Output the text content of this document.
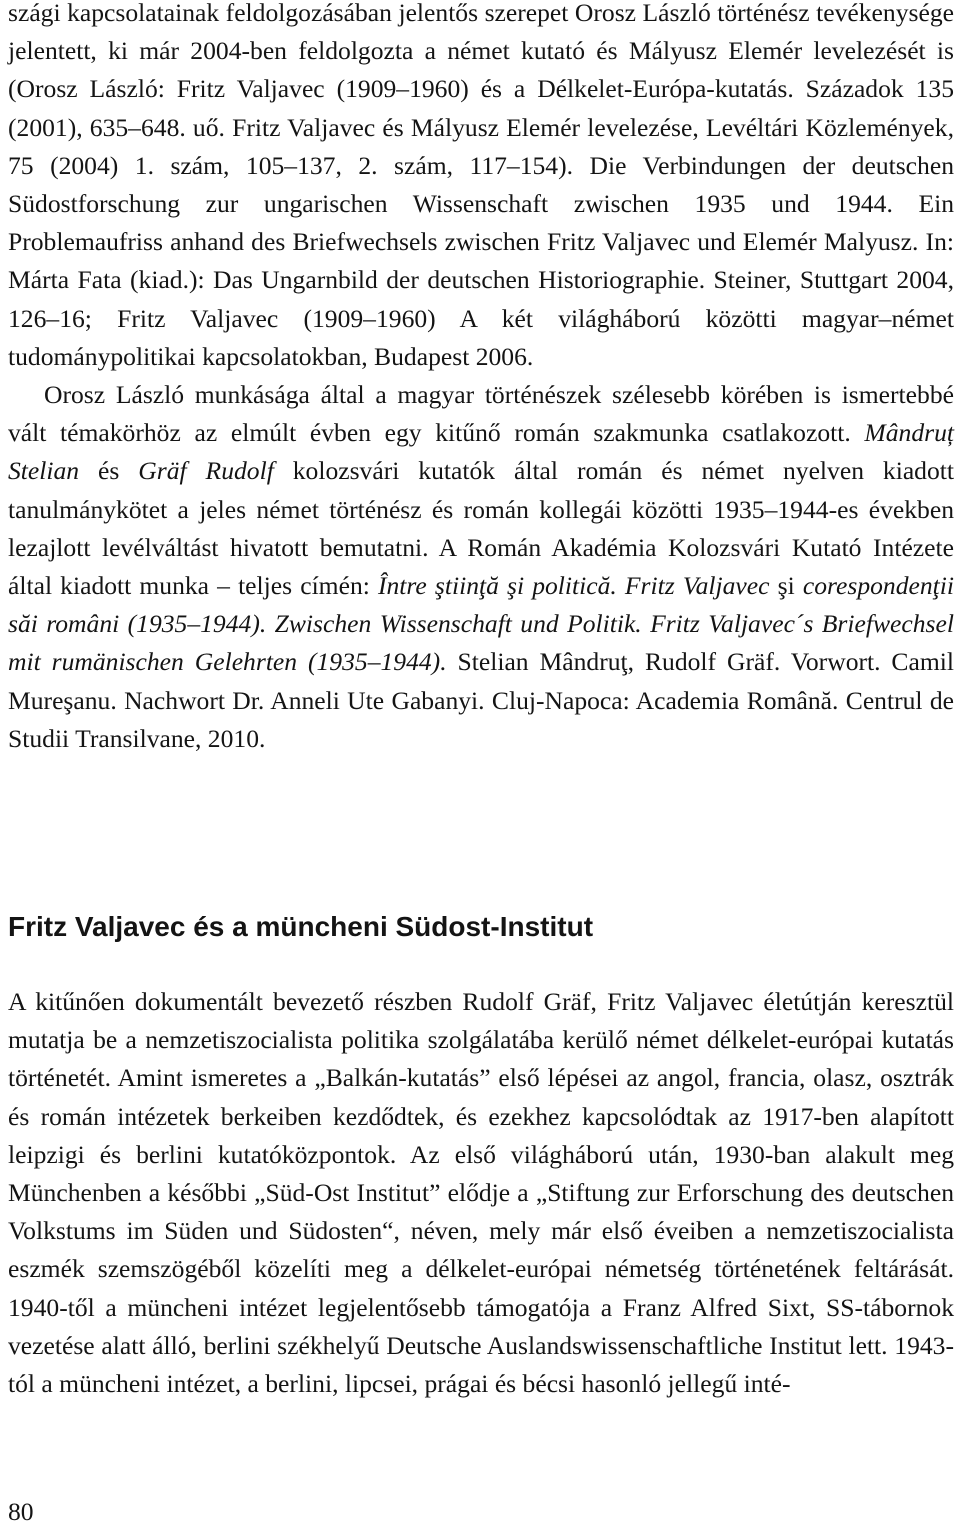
szági kapcsolatainak feldolgozásában jelentős szerepet Orosz László történész tevékenysége jelentett, ki már 2004-ben feldolgozta a német kutató és Mályusz Elemér levelezését is (Orosz László: Fritz Valjavec (1909–1960) és a Délkelet-Európa-kutatás. Századok 135 (2001), 635–648. uő. Fritz Valjavec és Mályusz Elemér levelezése, Levéltári Közlemények, 75 (2004) 1. szám, 105–137, 2. szám, 117–154). Die Verbindungen der deutschen Südostforschung zur ungarischen Wissenschaft zwischen 1935 und 1944. Ein Problemaufriss anhand des Briefwechsels zwischen Fritz Valjavec und Elemér Malyusz. In: Márta Fata (kiad.): Das Ungarnbild der deutschen Historiographie. Steiner, Stuttgart 2004, 126–16; Fritz Valjavec (1909–1960) A két világháború közötti magyar–német tudománypolitikai kapcsolatokban, Budapest 2006.

Orosz László munkásága által a magyar történészek szélesebb körében is ismertebbé vált témakörhöz az elmúlt évben egy kitűnő román szakmunka csatlakozott. Mândruț Stelian és Gräf Rudolf kolozsvári kutatók által román és német nyelven kiadott tanulmánykötet a jeles német történész és román kollegái közötti 1935–1944-es években lezajlott levélváltást hivatott bemutatni. A Román Akadémia Kolozsvári Kutató Intézete által kiadott munka – teljes címén: Între ştiinţă şi politică. Fritz Valjavec şi corespondenţii săi români (1935–1944). Zwischen Wissenschaft und Politik. Fritz Valjavec´s Briefwechsel mit rumänischen Gelehrten (1935–1944). Stelian Mândruţ, Rudolf Gräf. Vorwort. Camil Mureşanu. Nachwort Dr. Anneli Ute Gabanyi. Cluj-Napoca: Academia Română. Centrul de Studii Transilvane, 2010.

Fritz Valjavec és a müncheni Südost-Institut

A kitűnően dokumentált bevezető részben Rudolf Gräf, Fritz Valjavec életútján keresztül mutatja be a nemzetiszocialista politika szolgálatába kerülő német délkelet-európai kutatás történetét. Amint ismeretes a „Balkán-kutatás” első lépései az angol, francia, olasz, osztrák és román intézetek berkeiben kezdődtek, és ezekhez kapcsolódtak az 1917-ben alapított leipzigi és berlini kutatóközpontok. Az első világháború után, 1930-ban alakult meg Münchenben a későbbi „Süd-Ost Institut” elődje a „Stiftung zur Erforschung des deutschen Volkstums im Süden und Südosten“, néven, mely már első éveiben a nemzetiszocialista eszmék szemszögéből közelíti meg a délkelet-európai németség történetének feltárását. 1940-től a müncheni intézet legjelentősebb támogatója a Franz Alfred Sixt, SS-tábornok vezetése alatt álló, berlini székhelyű Deutsche Auslandswissenschaftliche Institut lett. 1943-tól a müncheni intézet, a berlini, lipcsei, prágai és bécsi hasonló jellegű inté-

80
